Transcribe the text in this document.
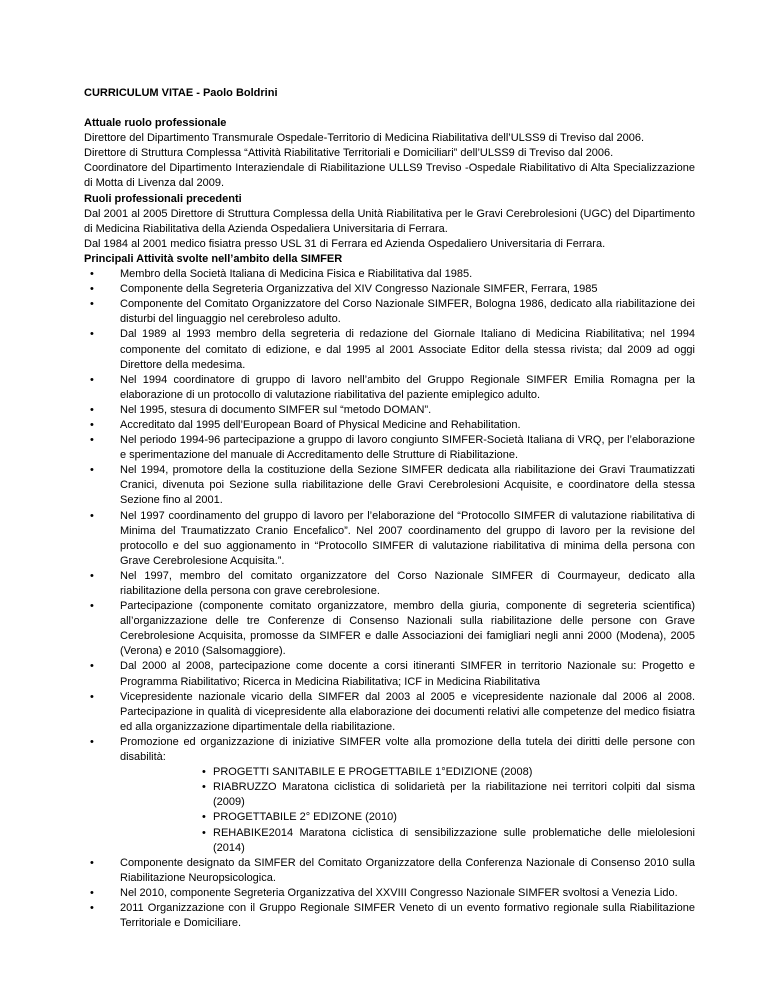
CURRICULUM VITAE - Paolo Boldrini
Attuale ruolo professionale

Direttore del Dipartimento Transmurale Ospedale-Territorio di Medicina Riabilitativa dell’ULSS9 di Treviso dal 2006.

Direttore di Struttura Complessa “Attività Riabilitative Territoriali e Domiciliari” dell’ULSS9 di Treviso dal 2006.

Coordinatore del Dipartimento Interaziendale di Riabilitazione ULLS9 Treviso -Ospedale Riabilitativo di Alta Specializzazione di Motta di Livenza dal 2009.

Ruoli professionali precedenti

Dal 2001 al 2005 Direttore di Struttura Complessa della Unità Riabilitativa per le Gravi Cerebrolesioni (UGC) del Dipartimento di Medicina Riabilitativa della Azienda Ospedaliera Universitaria di Ferrara.

Dal 1984 al 2001 medico fisiatra presso USL 31 di Ferrara ed Azienda Ospedaliero Universitaria di Ferrara.

Principali Attività svolte nell’ambito della SIMFER
• Membro della Società Italiana di Medicina Fisica e Riabilitativa dal 1985.
• Componente della Segreteria Organizzativa del XIV Congresso Nazionale SIMFER, Ferrara, 1985
• Componente del Comitato Organizzatore del Corso Nazionale SIMFER, Bologna 1986, dedicato alla riabilitazione dei disturbi del linguaggio nel cerebroleso adulto.
• Dal 1989 al 1993 membro della segreteria di redazione del Giornale Italiano di Medicina Riabilitativa; nel 1994 componente del comitato di edizione, e dal 1995 al 2001 Associate Editor della stessa rivista; dal 2009 ad oggi Direttore della medesima.
• Nel 1994 coordinatore di gruppo di lavoro nell’ambito del Gruppo Regionale SIMFER Emilia Romagna per la elaborazione di un protocollo di valutazione riabilitativa del paziente emiplegico adulto.
• Nel 1995, stesura di documento SIMFER sul “metodo DOMAN”.
• Accreditato dal 1995 dell’European Board of Physical Medicine and Rehabilitation.
• Nel periodo 1994-96 partecipazione a gruppo di lavoro congiunto SIMFER-Società Italiana di VRQ, per l’elaborazione e sperimentazione del manuale di Accreditamento delle Strutture di Riabilitazione.
• Nel 1994, promotore della la costituzione della Sezione SIMFER dedicata alla riabilitazione dei Gravi Traumatizzati Cranici, divenuta poi Sezione sulla riabilitazione delle Gravi Cerebrolesioni Acquisite, e coordinatore della stessa Sezione fino al 2001.
• Nel 1997 coordinamento del gruppo di lavoro per l’elaborazione del “Protocollo SIMFER di valutazione riabilitativa di Minima del Traumatizzato Cranio Encefalico”. Nel 2007 coordinamento del gruppo di lavoro per la revisione del protocollo e del suo aggionamento in “Protocollo SIMFER di valutazione riabilitativa di minima della persona con Grave Cerebrolesione Acquisita.”.
• Nel 1997, membro del comitato organizzatore del Corso Nazionale SIMFER di Courmayeur, dedicato alla riabilitazione della persona con grave cerebrolesione.
• Partecipazione (componente comitato organizzatore, membro della giuria, componente di segreteria scientifica) all’organizzazione delle tre Conferenze di Consenso Nazionali sulla riabilitazione delle persone con Grave Cerebrolesione Acquisita, promosse da SIMFER e dalle Associazioni dei famigliari negli anni 2000 (Modena), 2005 (Verona) e 2010 (Salsomaggiore).
• Dal 2000 al 2008, partecipazione come docente a corsi itineranti SIMFER in territorio Nazionale su: Progetto e Programma Riabilitativo; Ricerca in Medicina Riabilitativa; ICF in Medicina Riabilitativa
• Vicepresidente nazionale vicario della SIMFER dal 2003 al 2005 e vicepresidente nazionale dal 2006 al 2008. Partecipazione in qualità di vicepresidente alla elaborazione dei documenti relativi alle competenze del medico fisiatra ed alla organizzazione dipartimentale della riabilitazione.
• Promozione ed organizzazione di iniziative SIMFER volte alla promozione della tutela dei diritti delle persone con disabilità:
• PROGETTI SANITABILE E PROGETTABILE 1°EDIZIONE (2008)
• RIABRUZZO Maratona ciclistica di solidarietà per la riabilitazione nei territori colpiti dal sisma (2009)
• PROGETTABILE 2° EDIZONE (2010)
• REHABIKE2014 Maratona ciclistica di sensibilizzazione sulle problematiche delle mielolesioni (2014)
• Componente designato da SIMFER del Comitato Organizzatore della Conferenza Nazionale di Consenso 2010 sulla Riabilitazione Neuropsicologica.
• Nel 2010, componente Segreteria Organizzativa del XXVIII Congresso Nazionale SIMFER svoltosi a Venezia Lido.
• 2011 Organizzazione con il Gruppo Regionale SIMFER Veneto di un evento formativo regionale sulla Riabilitazione Territoriale e Domiciliare.
